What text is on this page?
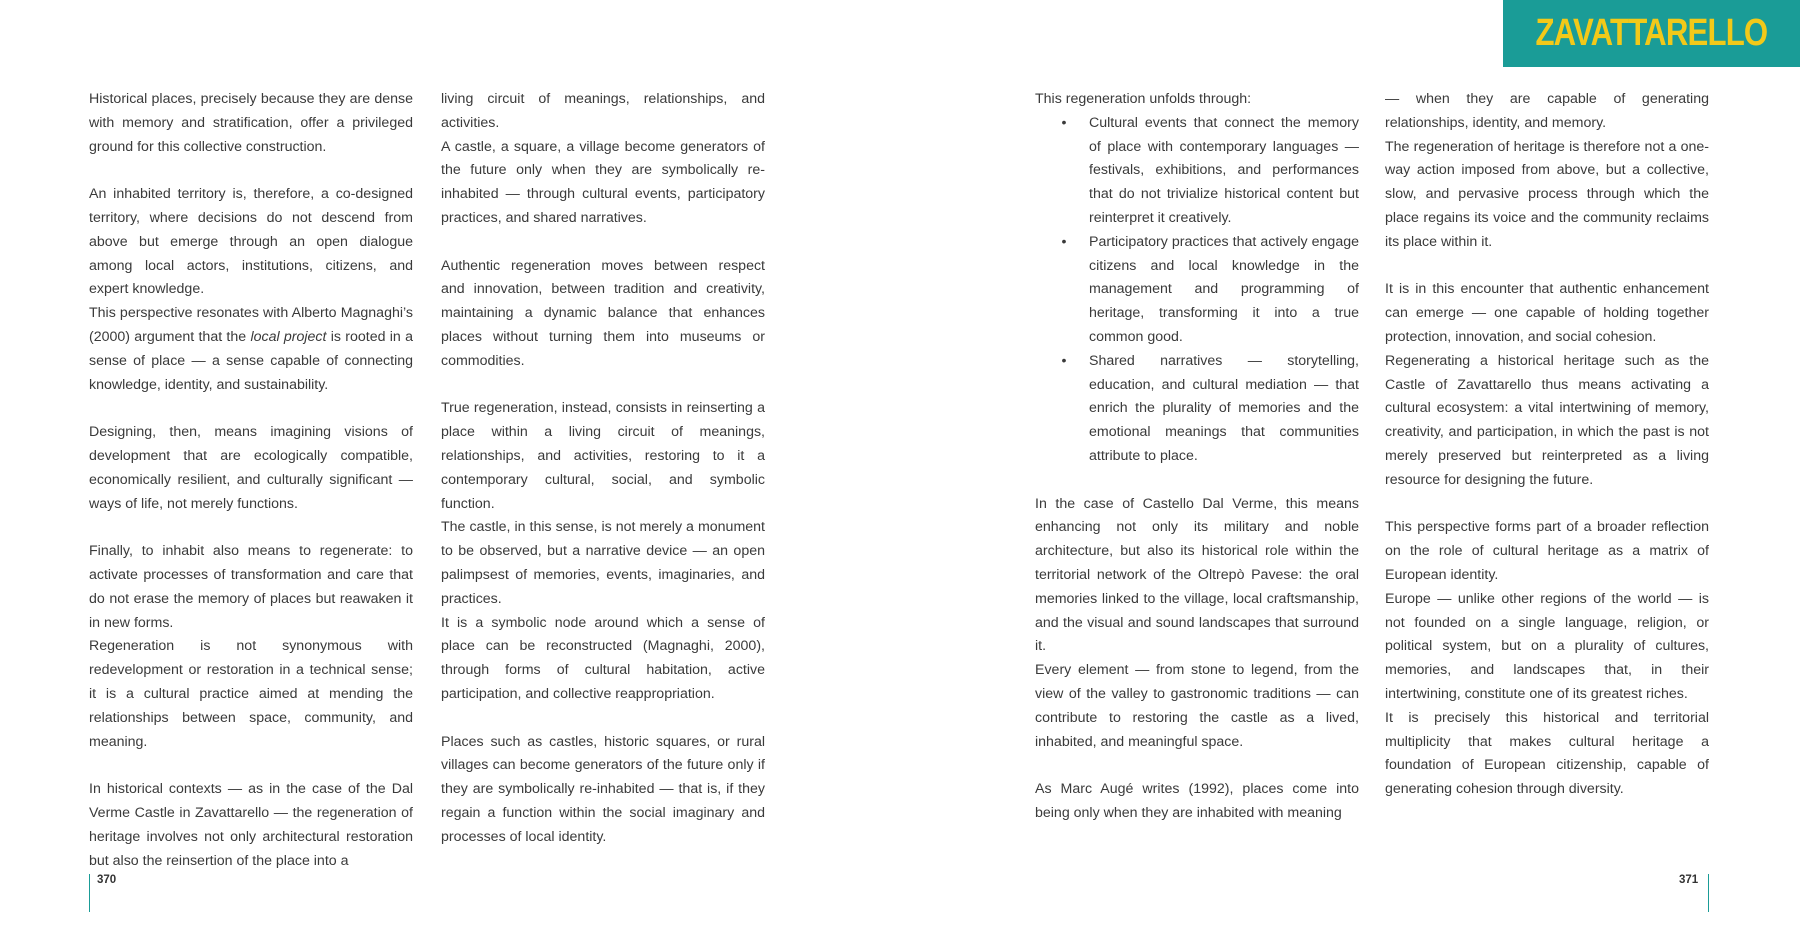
ZAVATTARELLO

Historical places, precisely because they are dense with memory and stratification, offer a privileged ground for this collective construction.

An inhabited territory is, therefore, a co-designed territory, where decisions do not descend from above but emerge through an open dialogue among local actors, institutions, citizens, and expert knowledge.

This perspective resonates with Alberto Magnaghi’s (2000) argument that the local project is rooted in a sense of place — a sense capable of connecting knowledge, identity, and sustainability.

Designing, then, means imagining visions of development that are ecologically compatible, economically resilient, and culturally significant — ways of life, not merely functions.

Finally, to inhabit also means to regenerate: to activate processes of transformation and care that do not erase the memory of places but reawaken it in new forms.

Regeneration is not synonymous with redevelopment or restoration in a technical sense; it is a cultural practice aimed at mending the relationships between space, community, and meaning.

In historical contexts — as in the case of the Dal Verme Castle in Zavattarello — the regeneration of heritage involves not only architectural restoration but also the reinsertion of the place into a

living circuit of meanings, relationships, and activities.

A castle, a square, a village become generators of the future only when they are symbolically re-inhabited — through cultural events, participatory practices, and shared narratives.

Authentic regeneration moves between respect and innovation, between tradition and creativity, maintaining a dynamic balance that enhances places without turning them into museums or commodities.

True regeneration, instead, consists in reinserting a place within a living circuit of meanings, relationships, and activities, restoring to it a contemporary cultural, social, and symbolic function.

The castle, in this sense, is not merely a monument to be observed, but a narrative device — an open palimpsest of memories, events, imaginaries, and practices.

It is a symbolic node around which a sense of place can be reconstructed (Magnaghi, 2000), through forms of cultural habitation, active participation, and collective reappropriation.

Places such as castles, historic squares, or rural villages can become generators of the future only if they are symbolically re-inhabited — that is, if they regain a function within the social imaginary and processes of local identity.

This regeneration unfolds through:

• Cultural events that connect the memory of place with contemporary languages — festivals, exhibitions, and performances that do not trivialize historical content but reinterpret it creatively.
• Participatory practices that actively engage citizens and local knowledge in the management and programming of heritage, transforming it into a true common good.
• Shared narratives — storytelling, education, and cultural mediation — that enrich the plurality of memories and the emotional meanings that communities attribute to place.

In the case of Castello Dal Verme, this means enhancing not only its military and noble architecture, but also its historical role within the territorial network of the Oltrepò Pavese: the oral memories linked to the village, local craftsmanship, and the visual and sound landscapes that surround it.

Every element — from stone to legend, from the view of the valley to gastronomic traditions — can contribute to restoring the castle as a lived, inhabited, and meaningful space.

As Marc Augé writes (1992), places come into being only when they are inhabited with meaning

— when they are capable of generating relationships, identity, and memory.

The regeneration of heritage is therefore not a one-way action imposed from above, but a collective, slow, and pervasive process through which the place regains its voice and the community reclaims its place within it.

It is in this encounter that authentic enhancement can emerge — one capable of holding together protection, innovation, and social cohesion.

Regenerating a historical heritage such as the Castle of Zavattarello thus means activating a cultural ecosystem: a vital intertwining of memory, creativity, and participation, in which the past is not merely preserved but reinterpreted as a living resource for designing the future.

This perspective forms part of a broader reflection on the role of cultural heritage as a matrix of European identity.

Europe — unlike other regions of the world — is not founded on a single language, religion, or political system, but on a plurality of cultures, memories, and landscapes that, in their intertwining, constitute one of its greatest riches.

It is precisely this historical and territorial multiplicity that makes cultural heritage a foundation of European citizenship, capable of generating cohesion through diversity.

370	371
